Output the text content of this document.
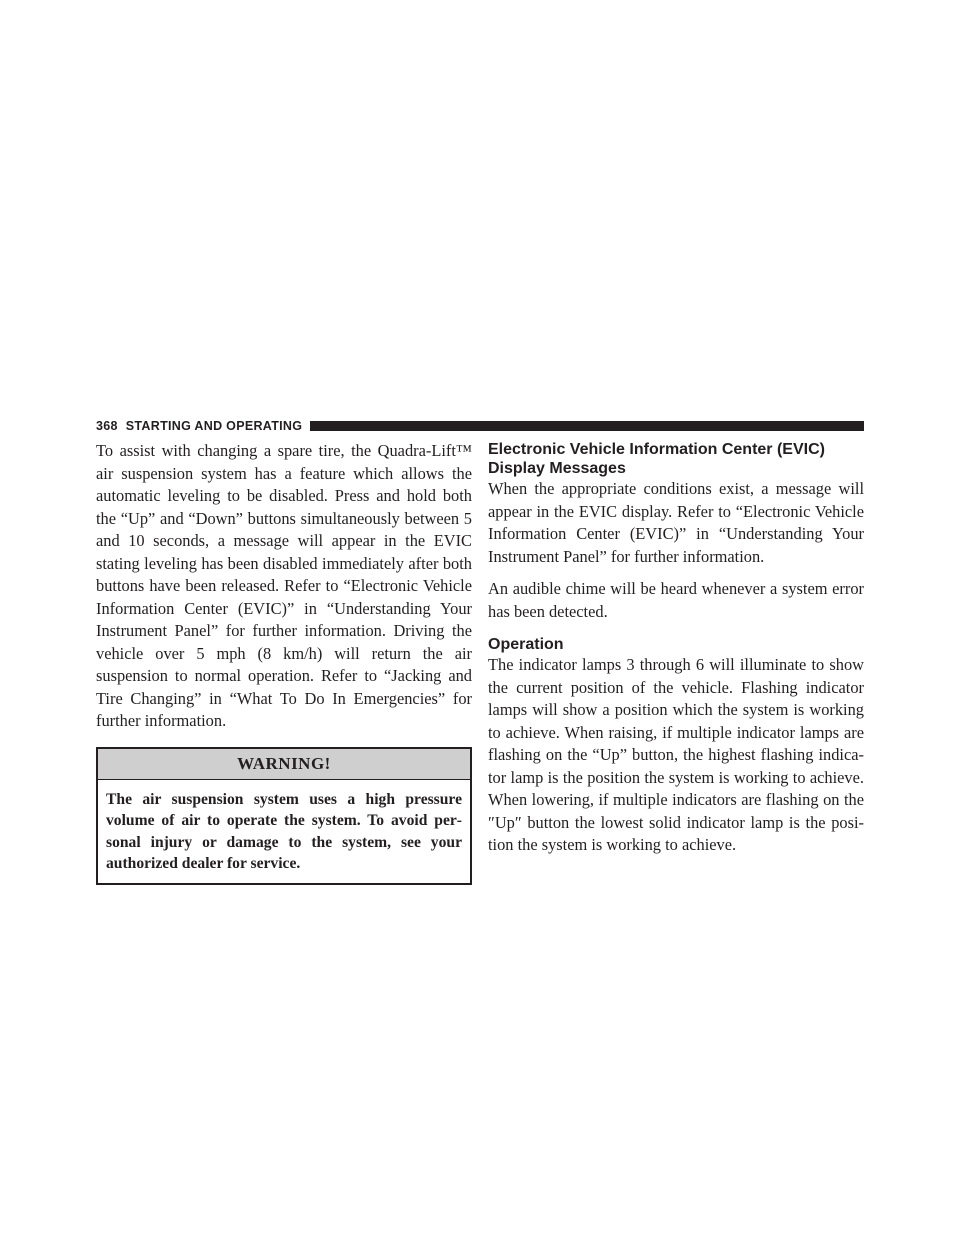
368 STARTING AND OPERATING

To assist with changing a spare tire, the Quadra-Lift™ air suspension system has a feature which allows the automatic leveling to be disabled. Press and hold both the “Up” and “Down” buttons simultaneously between 5 and 10 seconds, a message will appear in the EVIC stating leveling has been disabled immediately after both buttons have been released. Refer to “Electronic Vehicle Information Center (EVIC)” in “Understanding Your Instrument Panel” for further information. Driving the vehicle over 5 mph (8 km/h) will return the air suspension to normal operation. Refer to “Jacking and Tire Changing” in “What To Do In Emergencies” for further information.

WARNING!
The air suspension system uses a high pressure volume of air to operate the system. To avoid personal injury or damage to the system, see your authorized dealer for service.
Electronic Vehicle Information Center (EVIC) Display Messages

When the appropriate conditions exist, a message will appear in the EVIC display. Refer to “Electronic Vehicle Information Center (EVIC)” in “Understanding Your Instrument Panel” for further information.

An audible chime will be heard whenever a system error has been detected.

Operation

The indicator lamps 3 through 6 will illuminate to show the current position of the vehicle. Flashing indicator lamps will show a position which the system is working to achieve. When raising, if multiple indicator lamps are flashing on the “Up” button, the highest flashing indicator lamp is the position the system is working to achieve. When lowering, if multiple indicators are flashing on the ″Up″ button the lowest solid indicator lamp is the position the system is working to achieve.
